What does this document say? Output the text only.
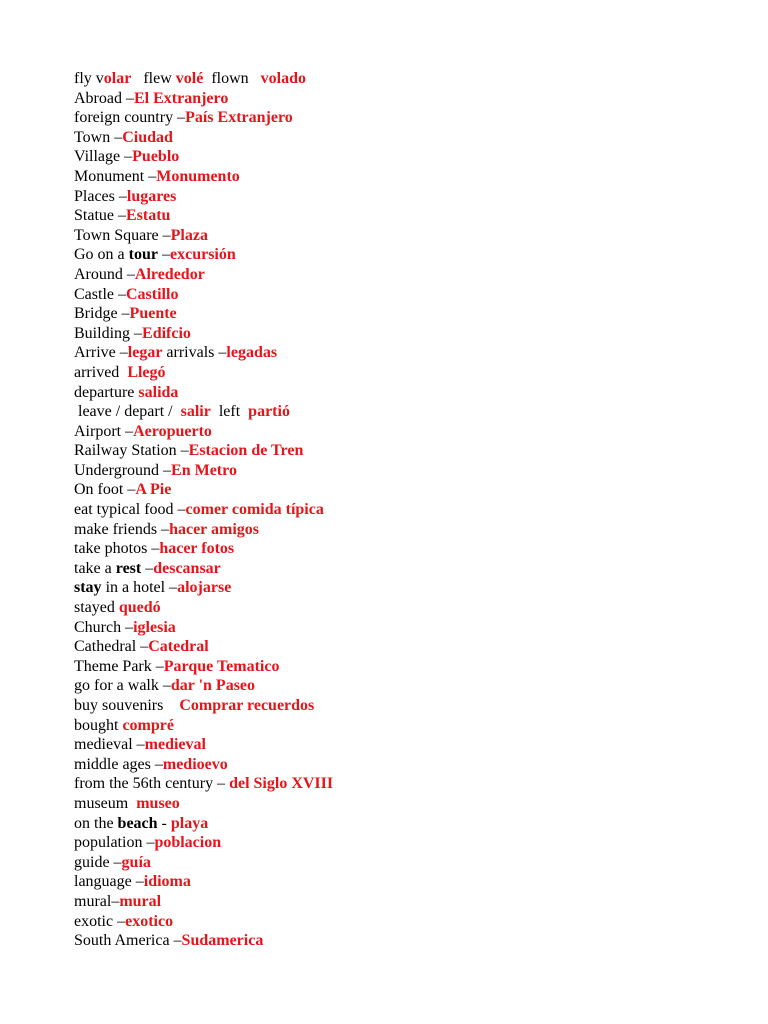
fly volar   flew volé  flown   volado
Abroad –El Extranjero
foreign country –País Extranjero
Town –Ciudad
Village –Pueblo
Monument –Monumento
Places –lugares
Statue –Estatu
Town Square –Plaza
Go on a tour –excursión
Around –Alrededor
Castle –Castillo
Bridge –Puente
Building –Edifcio
Arrive –legar arrivals –legadas
arrived  Llegó
departure salida
leave / depart /  salir  left  partió
Airport –Aeropuerto
Railway Station –Estacion de Tren
Underground –En Metro
On foot –A Pie
eat typical food –comer comida típica
make friends –hacer amigos
take photos –hacer fotos
take a rest –descansar
stay in a hotel –alojarse
stayed quedó
Church –iglesia
Cathedral –Catedral
Theme Park –Parque Tematico
go for a walk –dar 'n Paseo
buy souvenirs    Comprar recuerdos
bought compré
medieval –medieval
middle ages –medioevo
from the 56th century – del Siglo XVIII
museum  museo
on the beach - playa
population –poblacion
guide –guía
language –idioma
mural–mural
exotic –exotico
South America –Sudamerica
